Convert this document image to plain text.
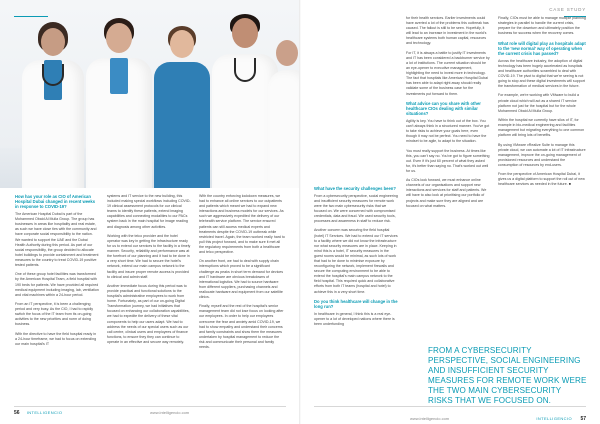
How has your role as CIO of American Hospital Dubai changed in recent weeks in response to COVID-19?

The American Hospital Dubai is part of the Mohammed Obaid Al Mulla Group. The group has businesses in areas like hospitality and real estate, as such we have close ties with the community and have corporate social responsibility to the nation. We wanted to support the UAE and the Dubai Health Authority during this period. As part of our social responsibility, the group decided to allocate hotel buildings to provide containment and treatment measures to the country to treat COVID-19 positive tested patients.

One of these group hotel facilities was transformed by the American Hospital Team, a field hospital with 190 beds for patients. We have provided all required medical equipment including imaging, lab, ventilation and vital machines within a 24-hour period.

From an IT perspective, it is been a challenging period and very busy. As the CIO, I had to rapidly switch the focus of the IT team from its on-going activities to the new priorities and norm of doing business.

With the directive to have the field hospital ready in a 24-hour timeframe, we had to focus on extending our main hospital's IT

systems and IT service to the new building, this included making special workflows including COVID-19 clinical assessment protocols for our clinical teams to identify these patients, extend imaging capabilities and connecting modalities to our PACs system back in the main hospital for image reading and diagnosis among other activities.

Working with the telco provider and the hotel operator was key in getting the infrastructure ready for us to extend our services to the facility in a timely manner. Security, reliability and performance was at the forefront of our planning and it had to be done in a very short time. We had to secure the hotel's network, extend our main campus network to the facility and insure proper remote access is provided to clinical and admin staff.

Another immediate focus during this period was to provide practical and functional solutions to the hospital's administrative employees to work from home. Fortunately, as part of our on-going Digital Transformation journey, we had initiatives that focused on enhancing our collaboration capabilities, we had to expedite the delivery of these vital components to help our users adapt. We had to address the needs of our special users such as our call centre, clinical users and employees of finance functions, to ensure they they can continue to operate in an effective and secure way remotely.

With the country enforcing lockdown measures, we had to enhance all online services to our outpatients and patients which meant we had to expand new interactions and business models for our services. As such we aggressively expedited the delivery of our telehealth service platform. The service ensured patients can still access medical experts and treatments despite the COVID-19 outbreak while restricted travel. Again, the team worked really hard to pull this project forward, and to make sure it met all the regulatory requirements from both a healthcare and telco perspective.

On another front, we had to deal with supply chain interruptions which proved to be a significant challenge as peaks in short term demand for devices and IT hardware are obvious breakdowns of international logistics. We had to source hardware from different suppliers, purchasing channels and reallocate hardware and equipment from our satellite clinics.

Finally, myself and the rest of the hospital's senior management team did not lose focus on looking after our employees. In order to help our employees overcome the fear and anxiety amid COVID-19, we had to show empathy and understand their concerns and family constraints and show them the measures undertaken by hospital management to reduce the risk and communicate their personal and family needs.

56 INTELLIGENCIO	www.intelligencio.com
CASE STUDY
What have the security challenges been?

From a cybersecurity perspective, social engineering and insufficient security measures for remote work were the two main cybersecurity risks that we focused on. We were concerned with compromised credentials, data and fraud. We used security tools, processes and awareness in staff to reduce risk.

Another concern was securing the field hospital (hotel) IT Services. We had to extend our IT services to a facility where we did not know the infrastructure nor what security measures are in place. Keeping in mind this is a hotel, IT security measures in the guest rooms would be minimal, as such lots of work that had to be done to minimise exposure by reconfiguring the network, implement firewalls and secure the computing environment to be able to extend the hospital's main campus network to the field hospital. This required quick and collaborative efforts from both IT teams (hospital and hotel) to achieve this in a very short time.

Do you think healthcare will change in the long run?

In healthcare in general, I think this is a real eye-opener to a lot of developed nations where there is been underfunding

for their health services. Earlier investments could have averted a lot of the problems this outbreak has caused. The fallout is still to be seen. Hopefully, it will lead to an increase in investment in the world's healthcare systems both human capital, resources and technology.

For IT, it is always a battle to justify IT investments and IT has been considered a backburner service by a lot of institutions. The current situation should be an eye-opener to executive management, highlighting the need to invest more in technology. The fact that hospitals like American Hospital Dubai has been able to adapt right away should really validate some of the business case for the investments put forward to them.

What advice can you share with other healthcare CIOs dealing with similar situations?

Agility is key. You have to think out of the box. You can't always think in a structured manner. You've got to take risks to achieve your goals here, even though it may not be perfect. You need to have the mindset to be agile, to adapt to the situation.

You must really support the business. At times like this, you can't say no. You've got to figure something out. Even if it's just 60 percent of what they asked for, it's better than saying no. That's worked out well for us.

As CIOs look forward, we must enhance online channels of our organisations and support new interactions and services for staff and patients. We will have to also look at prioritising our portfolio of projects and make sure they are aligned and are focused on what matters.

Finally, CIOs must be able to manage multiple planning strategies in parallel to handle the current crisis, prepare for the downturn and ultimately position the business for success when the recovery comes.

What role will digital play as hospitals adapt to the 'new normal' way of operating when the current crisis has passed?

Across the healthcare industry, the adoption of digital technology has been hugely accelerated as hospitals and healthcare authorities scrambled to deal with COVID-19. The pivot to digital that we're seeing is not going to stop and these digital investments will support the transformation of medical services in the future.

For example, we're working with VMware to build a private cloud which will act as a shared IT service platform not just for the hospital but for the whole Mohammed Obaid Al Mulla Group.

Within the hospital we currently have silos of IT, for example in bio-medical engineering and facilities management but migrating everything to one common platform will bring lots of benefits.

By using VMware vRealize Suite to manage this private cloud, we can automate a lot of IT infrastructure management, improve the on-going management of provisioned resources and understand the consumption of resources by end-users.

From the perspective of American Hospital Dubai, it gives us a digital platform to support the roll out of new healthcare services as needed in the future. ■

FROM A CYBERSECURITY PERSPECTIVE, SOCIAL ENGINEERING AND INSUFFICIENT SECURITY MEASURES FOR REMOTE WORK WERE THE TWO MAIN CYBERSECURITY RISKS THAT WE FOCUSED ON.
www.intelligencio.com	INTELLIGENCIO 57
